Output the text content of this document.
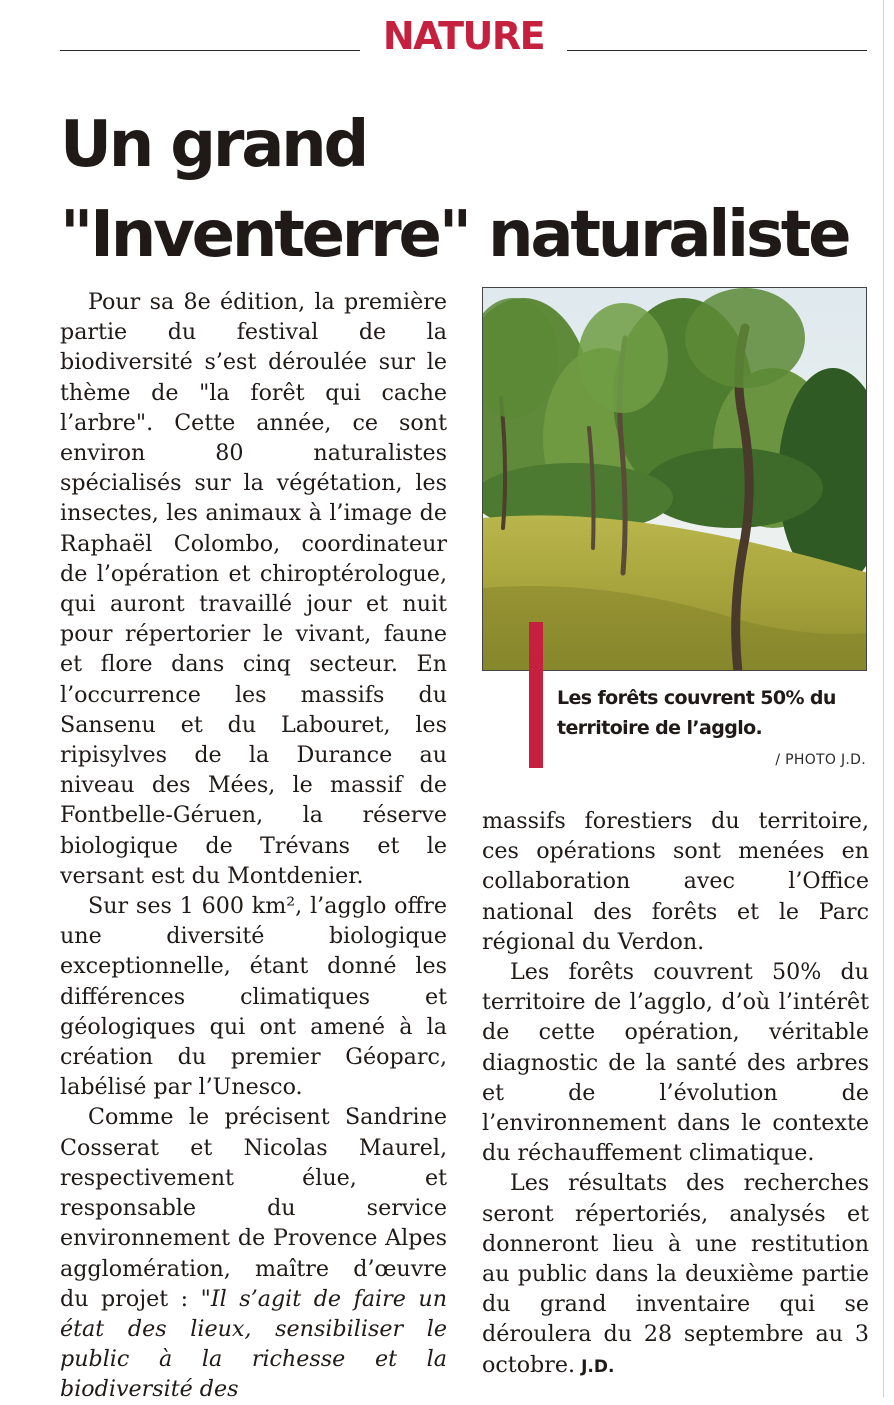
NATURE
Un grand
"Inventerre" naturaliste

Pour sa 8e édition, la première partie du festival de la biodiversité s’est déroulée sur le thème de "la forêt qui cache l’arbre". Cette année, ce sont environ 80 naturalistes spécialisés sur la végétation, les insectes, les animaux à l’image de Raphaël Colombo, coordinateur de l’opération et chiroptérologue, qui auront travaillé jour et nuit pour répertorier le vivant, faune et flore dans cinq secteur. En l’occurrence les massifs du Sansenu et du Labouret, les ripisylves de la Durance au niveau des Mées, le massif de Fontbelle-Géruen, la réserve biologique de Trévans et le versant est du Montdenier.

Sur ses 1 600 km², l’agglo offre une diversité biologique exceptionnelle, étant donné les différences climatiques et géologiques qui ont amené à la création du premier Géoparc, labélisé par l’Unesco.

Comme le précisent Sandrine Cosserat et Nicolas Maurel, respectivement élue, et responsable du service environnement de Provence Alpes agglomération, maître d’œuvre du projet : "Il s’agit de faire un état des lieux, sensibiliser le public à la richesse et la biodiversité des

Les forêts couvrent 50% du territoire de l’agglo.
/ PHOTO J.D.

massifs forestiers du territoire, ces opérations sont menées en collaboration avec l’Office national des forêts et le Parc régional du Verdon.

Les forêts couvrent 50% du territoire de l’agglo, d’où l’intérêt de cette opération, véritable diagnostic de la santé des arbres et de l’évolution de l’environnement dans le contexte du réchauffement climatique.

Les résultats des recherches seront répertoriés, analysés et donneront lieu à une restitution au public dans la deuxième partie du grand inventaire qui se déroulera du 28 septembre au 3 octobre. J.D.
